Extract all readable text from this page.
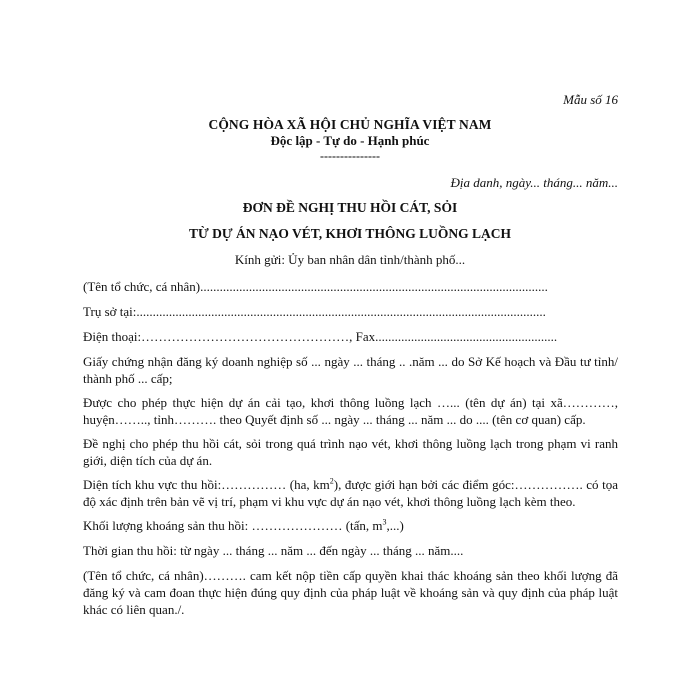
Mẫu số 16
CỘNG HÒA XÃ HỘI CHỦ NGHĨA VIỆT NAM
Độc lập - Tự do - Hạnh phúc
---------------
Địa danh, ngày... tháng... năm...
ĐƠN ĐỀ NGHỊ THU HỒI CÁT, SỎI
TỪ DỰ ÁN NẠO VÉT, KHƠI THÔNG LUỒNG LẠCH
Kính gửi: Ủy ban nhân dân tỉnh/thành phố...

(Tên tổ chức, cá nhân)...........................................................................................................

Trụ sở tại:..............................................................................................................................

Điện thoại:…………………………………………, Fax........................................................

Giấy chứng nhận đăng ký doanh nghiệp số ... ngày ... tháng .. .năm ... do Sở Kế hoạch và Đầu tư tỉnh/ thành phố ... cấp;

Được cho phép thực hiện dự án cải tạo, khơi thông luồng lạch …... (tên dự án) tại xã…………, huyện…….., tỉnh………. theo Quyết định số ... ngày ... tháng ... năm ... do .... (tên cơ quan) cấp.

Đề nghị cho phép thu hồi cát, sỏi trong quá trình nạo vét, khơi thông luồng lạch trong phạm vi ranh giới, diện tích của dự án.

Diện tích khu vực thu hồi:…………… (ha, $km^2$), được giới hạn bởi các điểm góc:……………. có tọa độ xác định trên bản vẽ vị trí, phạm vi khu vực dự án nạo vét, khơi thông luồng lạch kèm theo.

Khối lượng khoáng sản thu hồi: ………………… (tấn, $m^3$,...)

Thời gian thu hồi: từ ngày ... tháng ... năm ... đến ngày ... tháng ... năm....

(Tên tổ chức, cá nhân)………. cam kết nộp tiền cấp quyền khai thác khoáng sản theo khối lượng đã đăng ký và cam đoan thực hiện đúng quy định của pháp luật về khoáng sản và quy định của pháp luật khác có liên quan./.
